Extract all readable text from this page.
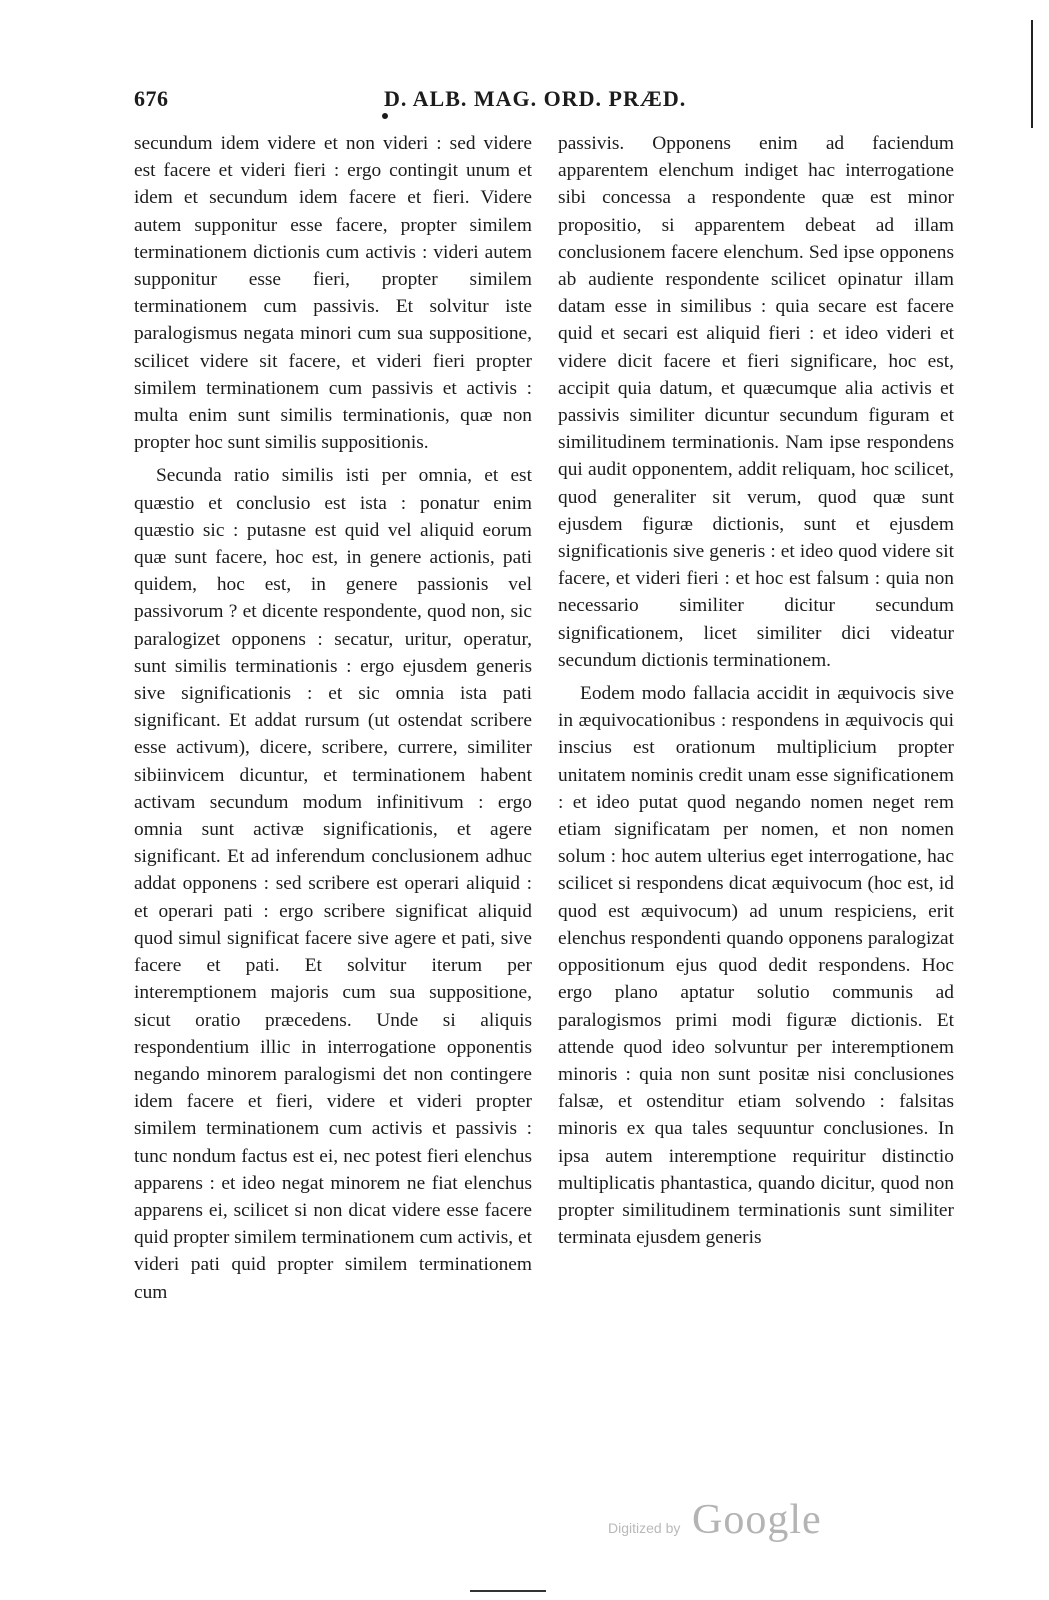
676	D. ALB. MAG. ORD. PRÆD.

secundum idem videre et non videri : sed videre est facere et videri fieri : ergo contingit unum et idem et secundum idem facere et fieri. Videre autem supponitur esse facere, propter similem terminationem dictionis cum activis : videri autem supponitur esse fieri, propter similem terminationem cum passivis. Et solvitur iste paralogismus negata minori cum sua suppositione, scilicet videre sit facere, et videri fieri propter similem terminationem cum passivis et activis : multa enim sunt similis terminationis, quæ non propter hoc sunt similis suppositionis.

Secunda ratio similis isti per omnia, et est quæstio et conclusio est ista : ponatur enim quæstio sic : putasne est quid vel aliquid eorum quæ sunt facere, hoc est, in genere actionis, pati quidem, hoc est, in genere passionis vel passivorum ? et dicente respondente, quod non, sic paralogizet opponens : secatur, uritur, operatur, sunt similis terminationis : ergo ejusdem generis sive significationis : et sic omnia ista pati significant. Et addat rursum (ut ostendat scribere esse activum), dicere, scribere, currere, similiter sibiinvicem dicuntur, et terminationem habent activam secundum modum infinitivum : ergo omnia sunt activæ significationis, et agere significant. Et ad inferendum conclusionem adhuc addat opponens : sed scribere est operari aliquid : et operari pati : ergo scribere significat aliquid quod simul significat facere sive agere et pati, sive facere et pati. Et solvitur iterum per interemptionem majoris cum sua suppositione, sicut oratio præcedens. Unde si aliquis respondentium illic in interrogatione opponentis negando minorem paralogismi det non contingere idem facere et fieri, videre et videri propter similem terminationem cum activis et passivis : tunc nondum factus est ei, nec potest fieri elenchus apparens : et ideo negat minorem ne fiat elenchus apparens ei, scilicet si non dicat videre esse facere quid propter similem terminationem cum activis, et videri pati quid propter similem terminationem cum

passivis. Opponens enim ad faciendum apparentem elenchum indiget hac interrogatione sibi concessa a respondente quæ est minor propositio, si apparentem debeat ad illam conclusionem facere elenchum. Sed ipse opponens ab audiente respondente scilicet opinatur illam datam esse in similibus : quia secare est facere quid et secari est aliquid fieri : et ideo videri et videre dicit facere et fieri significare, hoc est, accipit quia datum, et quæcumque alia activis et passivis similiter dicuntur secundum figuram et similitudinem terminationis. Nam ipse respondens qui audit opponentem, addit reliquam, hoc scilicet, quod generaliter sit verum, quod quæ sunt ejusdem figuræ dictionis, sunt et ejusdem significationis sive generis : et ideo quod videre sit facere, et videri fieri : et hoc est falsum : quia non necessario similiter dicitur secundum significationem, licet similiter dici videatur secundum dictionis terminationem.

Eodem modo fallacia accidit in æquivocis sive in æquivocationibus : respondens in æquivocis qui inscius est orationum multiplicium propter unitatem nominis credit unam esse significationem : et ideo putat quod negando nomen neget rem etiam significatam per nomen, et non nomen solum : hoc autem ulterius eget interrogatione, hac scilicet si respondens dicat æquivocum (hoc est, id quod est æquivocum) ad unum respiciens, erit elenchus respondenti quando opponens paralogizat oppositionum ejus quod dedit respondens. Hoc ergo plano aptatur solutio communis ad paralogismos primi modi figuræ dictionis. Et attende quod ideo solvuntur per interemptionem minoris : quia non sunt positæ nisi conclusiones falsæ, et ostenditur etiam solvendo : falsitas minoris ex qua tales sequuntur conclusiones. In ipsa autem interemptione requiritur distinctio multiplicatis phantastica, quando dicitur, quod non propter similitudinem terminationis sunt similiter terminata ejusdem generis

Digitized by Google
